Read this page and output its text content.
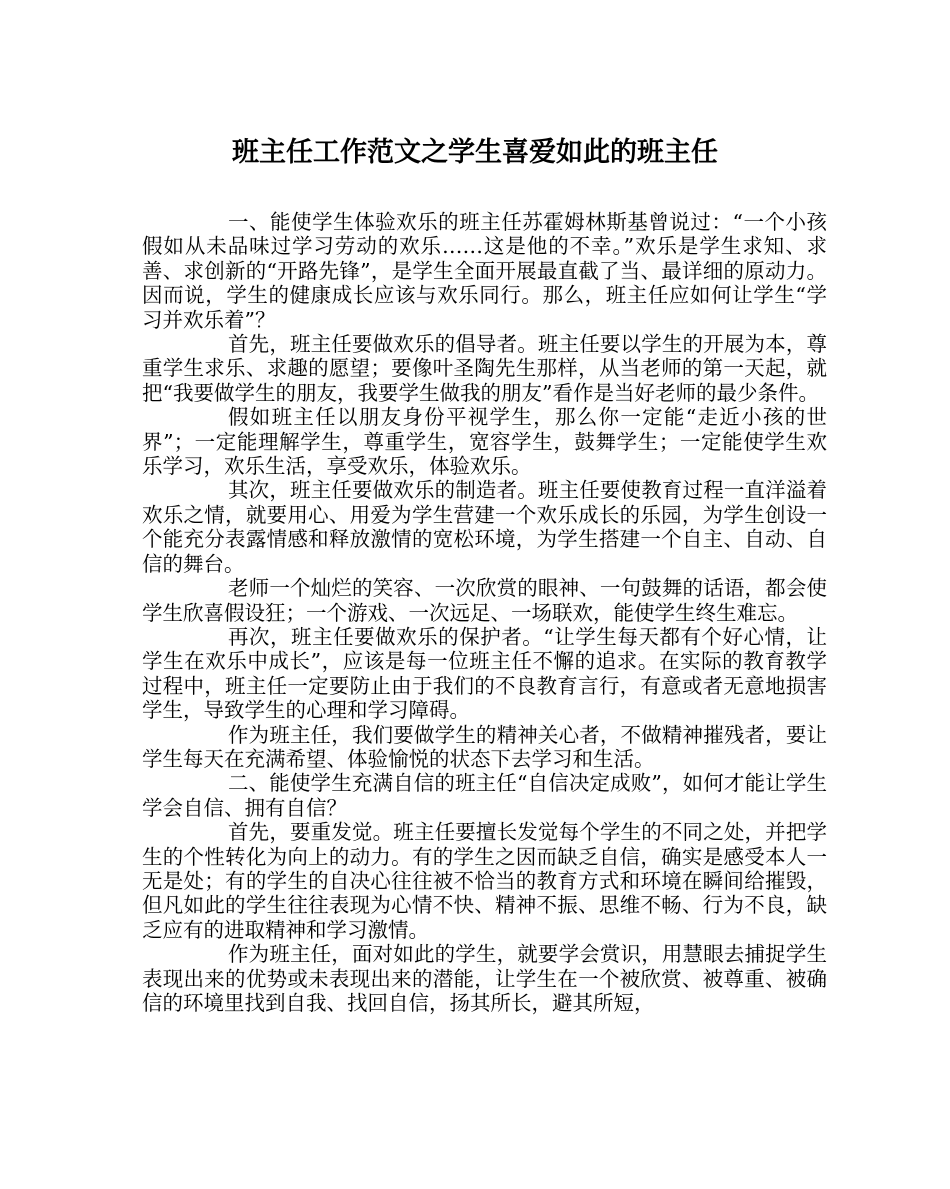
班主任工作范文之学生喜爱如此的班主任

一、能使学生体验欢乐的班主任苏霍姆林斯基曾说过：“一个小孩假如从未品味过学习劳动的欢乐……这是他的不幸。”欢乐是学生求知、求善、求创新的“开路先锋”，是学生全面开展最直截了当、最详细的原动力。因而说，学生的健康成长应该与欢乐同行。那么，班主任应如何让学生“学习并欢乐着”？

首先，班主任要做欢乐的倡导者。班主任要以学生的开展为本，尊重学生求乐、求趣的愿望；要像叶圣陶先生那样，从当老师的第一天起，就把“我要做学生的朋友，我要学生做我的朋友”看作是当好老师的最少条件。

假如班主任以朋友身份平视学生，那么你一定能“走近小孩的世界”；一定能理解学生，尊重学生，宽容学生，鼓舞学生；一定能使学生欢乐学习，欢乐生活，享受欢乐，体验欢乐。

其次，班主任要做欢乐的制造者。班主任要使教育过程一直洋溢着欢乐之情，就要用心、用爱为学生营建一个欢乐成长的乐园，为学生创设一个能充分表露情感和释放激情的宽松环境，为学生搭建一个自主、自动、自信的舞台。

老师一个灿烂的笑容、一次欣赏的眼神、一句鼓舞的话语，都会使学生欣喜假设狂；一个游戏、一次远足、一场联欢，能使学生终生难忘。

再次，班主任要做欢乐的保护者。“让学生每天都有个好心情，让学生在欢乐中成长”，应该是每一位班主任不懈的追求。在实际的教育教学过程中，班主任一定要防止由于我们的不良教育言行，有意或者无意地损害学生，导致学生的心理和学习障碍。

作为班主任，我们要做学生的精神关心者，不做精神摧残者，要让学生每天在充满希望、体验愉悦的状态下去学习和生活。

二、能使学生充满自信的班主任“自信决定成败”，如何才能让学生学会自信、拥有自信？

首先，要重发觉。班主任要擅长发觉每个学生的不同之处，并把学生的个性转化为向上的动力。有的学生之因而缺乏自信，确实是感受本人一无是处；有的学生的自决心往往被不恰当的教育方式和环境在瞬间给摧毁，但凡如此的学生往往表现为心情不快、精神不振、思维不畅、行为不良，缺乏应有的进取精神和学习激情。

作为班主任，面对如此的学生，就要学会赏识，用慧眼去捕捉学生表现出来的优势或未表现出来的潜能，让学生在一个被欣赏、被尊重、被确信的环境里找到自我、找回自信，扬其所长，避其所短，
